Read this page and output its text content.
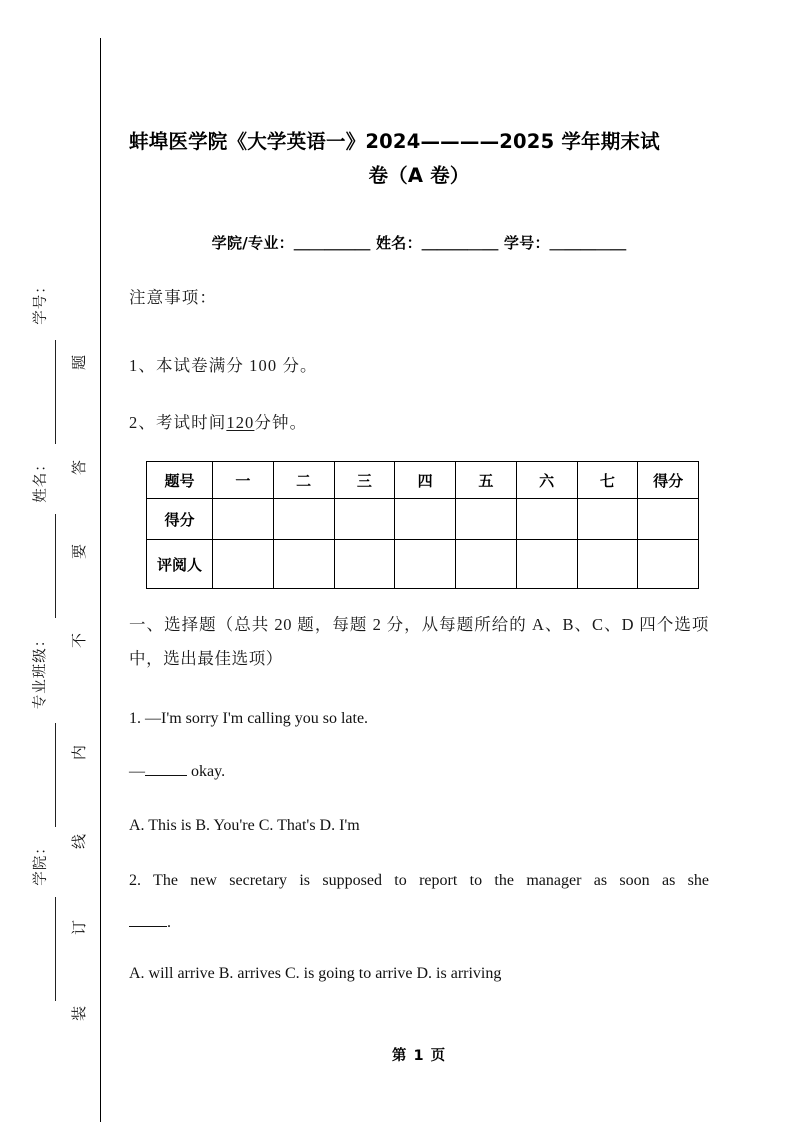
学号：
姓名：
专业班级：
学院：
题
答
要
不
内
线
订
装
蚌埠医学院《大学英语一》2024————2025 学年期末试
卷（A 卷）
学院/专业：＿＿＿＿＿ 姓名：＿＿＿＿＿ 学号：＿＿＿＿＿
注意事项：
1、本试卷满分 100 分。
2、考试时间120分钟。
题号	一	二	三	四	五	六	七	得分
得分								
评阅人								
一、选择题（总共 20 题，每题 2 分，从每题所给的 A、B、C、D 四个选项中，选出最佳选项）
1. —I'm sorry I'm calling you so late.
—	okay.
A. This is B. You're C. That's D. I'm
2. The new secretary is supposed to report to the manager as soon as she
.
A. will arrive B. arrives C. is going to arrive D. is arriving
第 1 页
